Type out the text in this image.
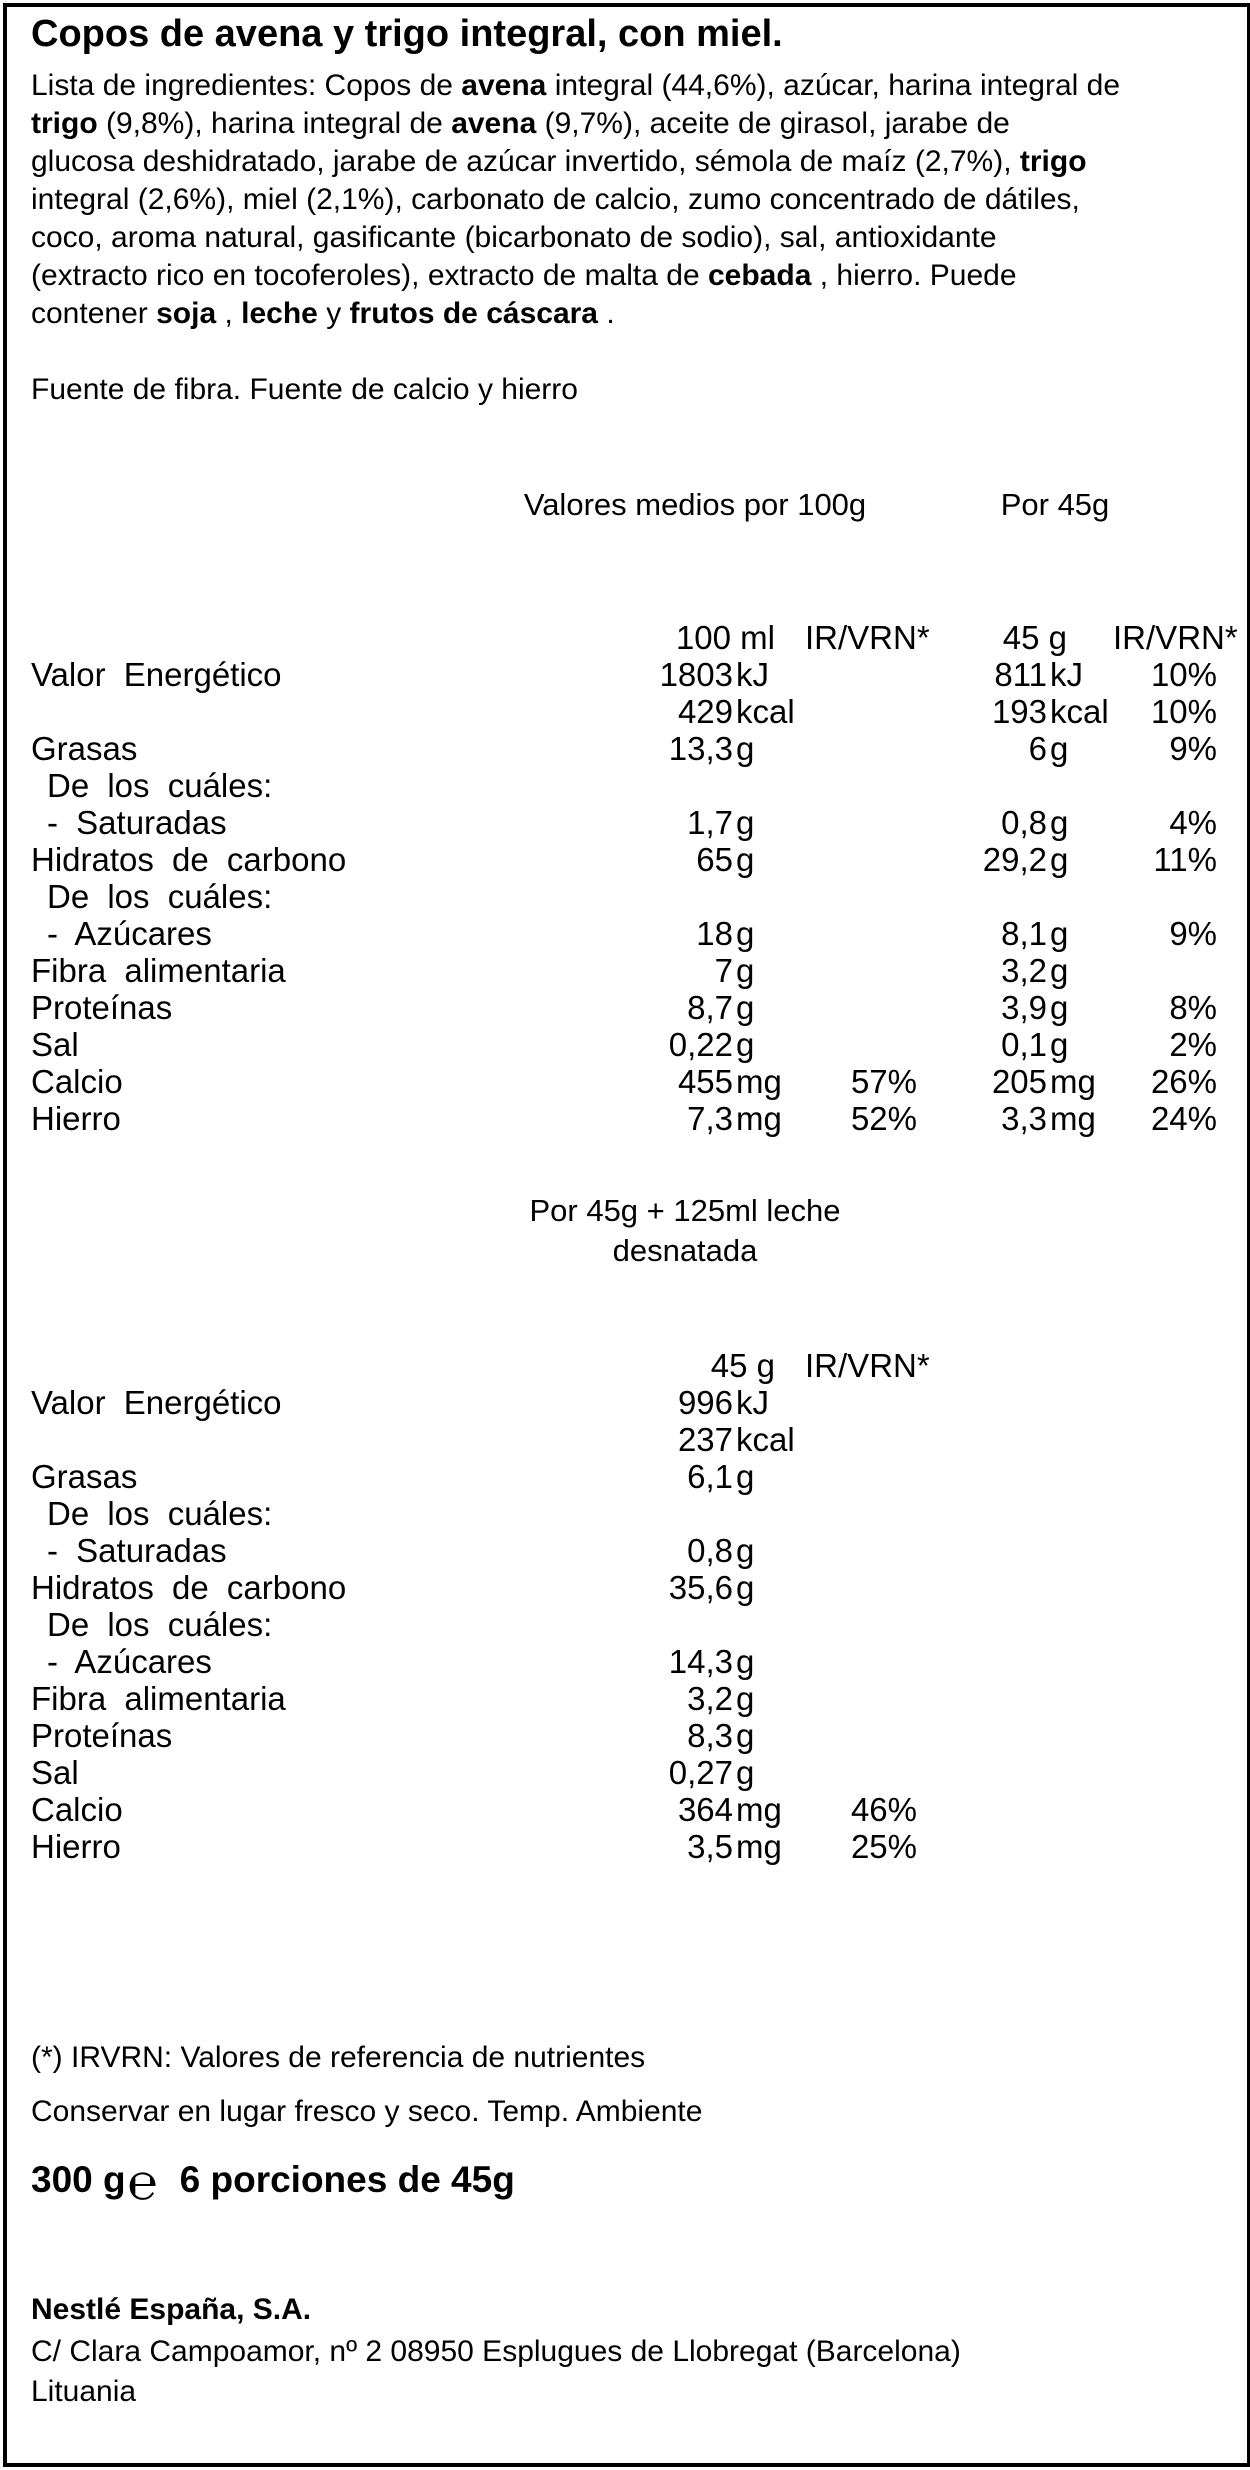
Copos de avena y trigo integral, con miel.
Lista de ingredientes: Copos de avena integral (44,6%), azúcar, harina integral de
trigo (9,8%), harina integral de avena (9,7%), aceite de girasol, jarabe de
glucosa deshidratado, jarabe de azúcar invertido, sémola de maíz (2,7%), trigo
integral (2,6%), miel (2,1%), carbonato de calcio, zumo concentrado de dátiles,
coco, aroma natural, gasificante (bicarbonato de sodio), sal, antioxidante
(extracto rico en tocoferoles), extracto de malta de cebada , hierro. Puede
contener soja , leche y frutos de cáscara .

Fuente de fibra. Fuente de calcio y hierro

Valores medios por 100g	Por 45g
	100 ml		IR/VRN*	45 g		IR/VRN*
Valor Energético	1803	kJ		811	kJ	10%
	429	kcal		193	kcal	10%
Grasas	13,3	g		6	g	9%
De los cuáles:						
- Saturadas	1,7	g		0,8	g	4%
Hidratos de carbono	65	g		29,2	g	11%
De los cuáles:						
- Azúcares	18	g		8,1	g	9%
Fibra alimentaria	7	g		3,2	g	
Proteínas	8,7	g		3,9	g	8%
Sal	0,22	g		0,1	g	2%
Calcio	455	mg	57%	205	mg	26%
Hierro	7,3	mg	52%	3,3	mg	24%
Por 45g + 125ml leche
desnatada
	45 g		IR/VRN*
Valor Energético	996	kJ	
	237	kcal	
Grasas	6,1	g	
De los cuáles:			
- Saturadas	0,8	g	
Hidratos de carbono	35,6	g	
De los cuáles:			
- Azúcares	14,3	g	
Fibra alimentaria	3,2	g	
Proteínas	8,3	g	
Sal	0,27	g	
Calcio	364	mg	46%
Hierro	3,5	mg	25%

(*) IRVRN: Valores de referencia de nutrientes

Conservar en lugar fresco y seco. Temp. Ambiente

300 g℮ 6 porciones de 45g

Nestlé España, S.A.

C/ Clara Campoamor, nº 2 08950 Esplugues de Llobregat (Barcelona)

Lituania
